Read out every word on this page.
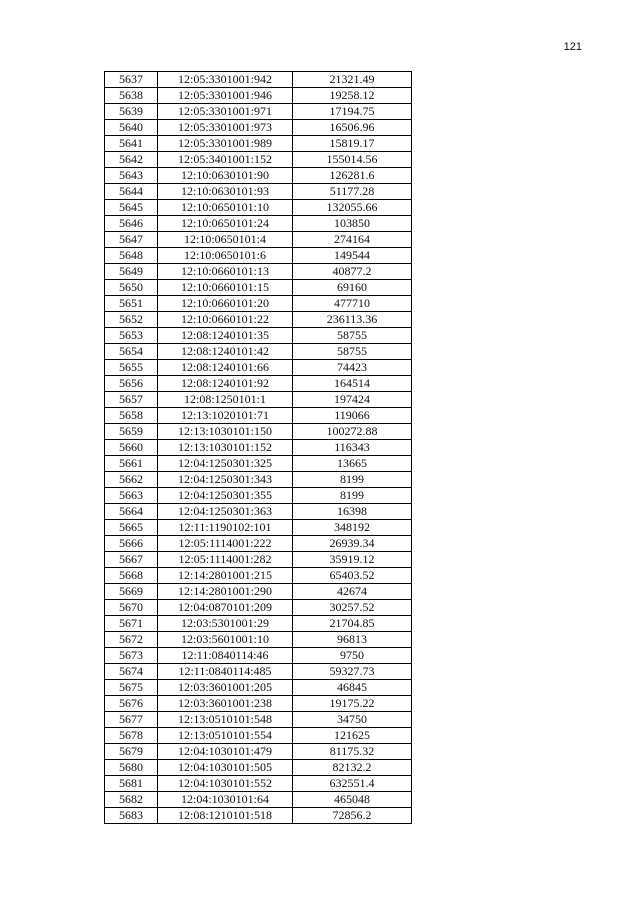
121
5637	12:05:3301001:942	21321.49
5638	12:05:3301001:946	19258.12
5639	12:05:3301001:971	17194.75
5640	12:05:3301001:973	16506.96
5641	12:05:3301001:989	15819.17
5642	12:05:3401001:152	155014.56
5643	12:10:0630101:90	126281.6
5644	12:10:0630101:93	51177.28
5645	12:10:0650101:10	132055.66
5646	12:10:0650101:24	103850
5647	12:10:0650101:4	274164
5648	12:10:0650101:6	149544
5649	12:10:0660101:13	40877.2
5650	12:10:0660101:15	69160
5651	12:10:0660101:20	477710
5652	12:10:0660101:22	236113.36
5653	12:08:1240101:35	58755
5654	12:08:1240101:42	58755
5655	12:08:1240101:66	74423
5656	12:08:1240101:92	164514
5657	12:08:1250101:1	197424
5658	12:13:1020101:71	119066
5659	12:13:1030101:150	100272.88
5660	12:13:1030101:152	116343
5661	12:04:1250301:325	13665
5662	12:04:1250301:343	8199
5663	12:04:1250301:355	8199
5664	12:04:1250301:363	16398
5665	12:11:1190102:101	348192
5666	12:05:1114001:222	26939.34
5667	12:05:1114001:282	35919.12
5668	12:14:2801001:215	65403.52
5669	12:14:2801001:290	42674
5670	12:04:0870101:209	30257.52
5671	12:03:5301001:29	21704.85
5672	12:03:5601001:10	96813
5673	12:11:0840114:46	9750
5674	12:11:0840114:485	59327.73
5675	12:03:3601001:205	46845
5676	12:03:3601001:238	19175.22
5677	12:13:0510101:548	34750
5678	12:13:0510101:554	121625
5679	12:04:1030101:479	81175.32
5680	12:04:1030101:505	82132.2
5681	12:04:1030101:552	632551.4
5682	12:04:1030101:64	465048
5683	12:08:1210101:518	72856.2
